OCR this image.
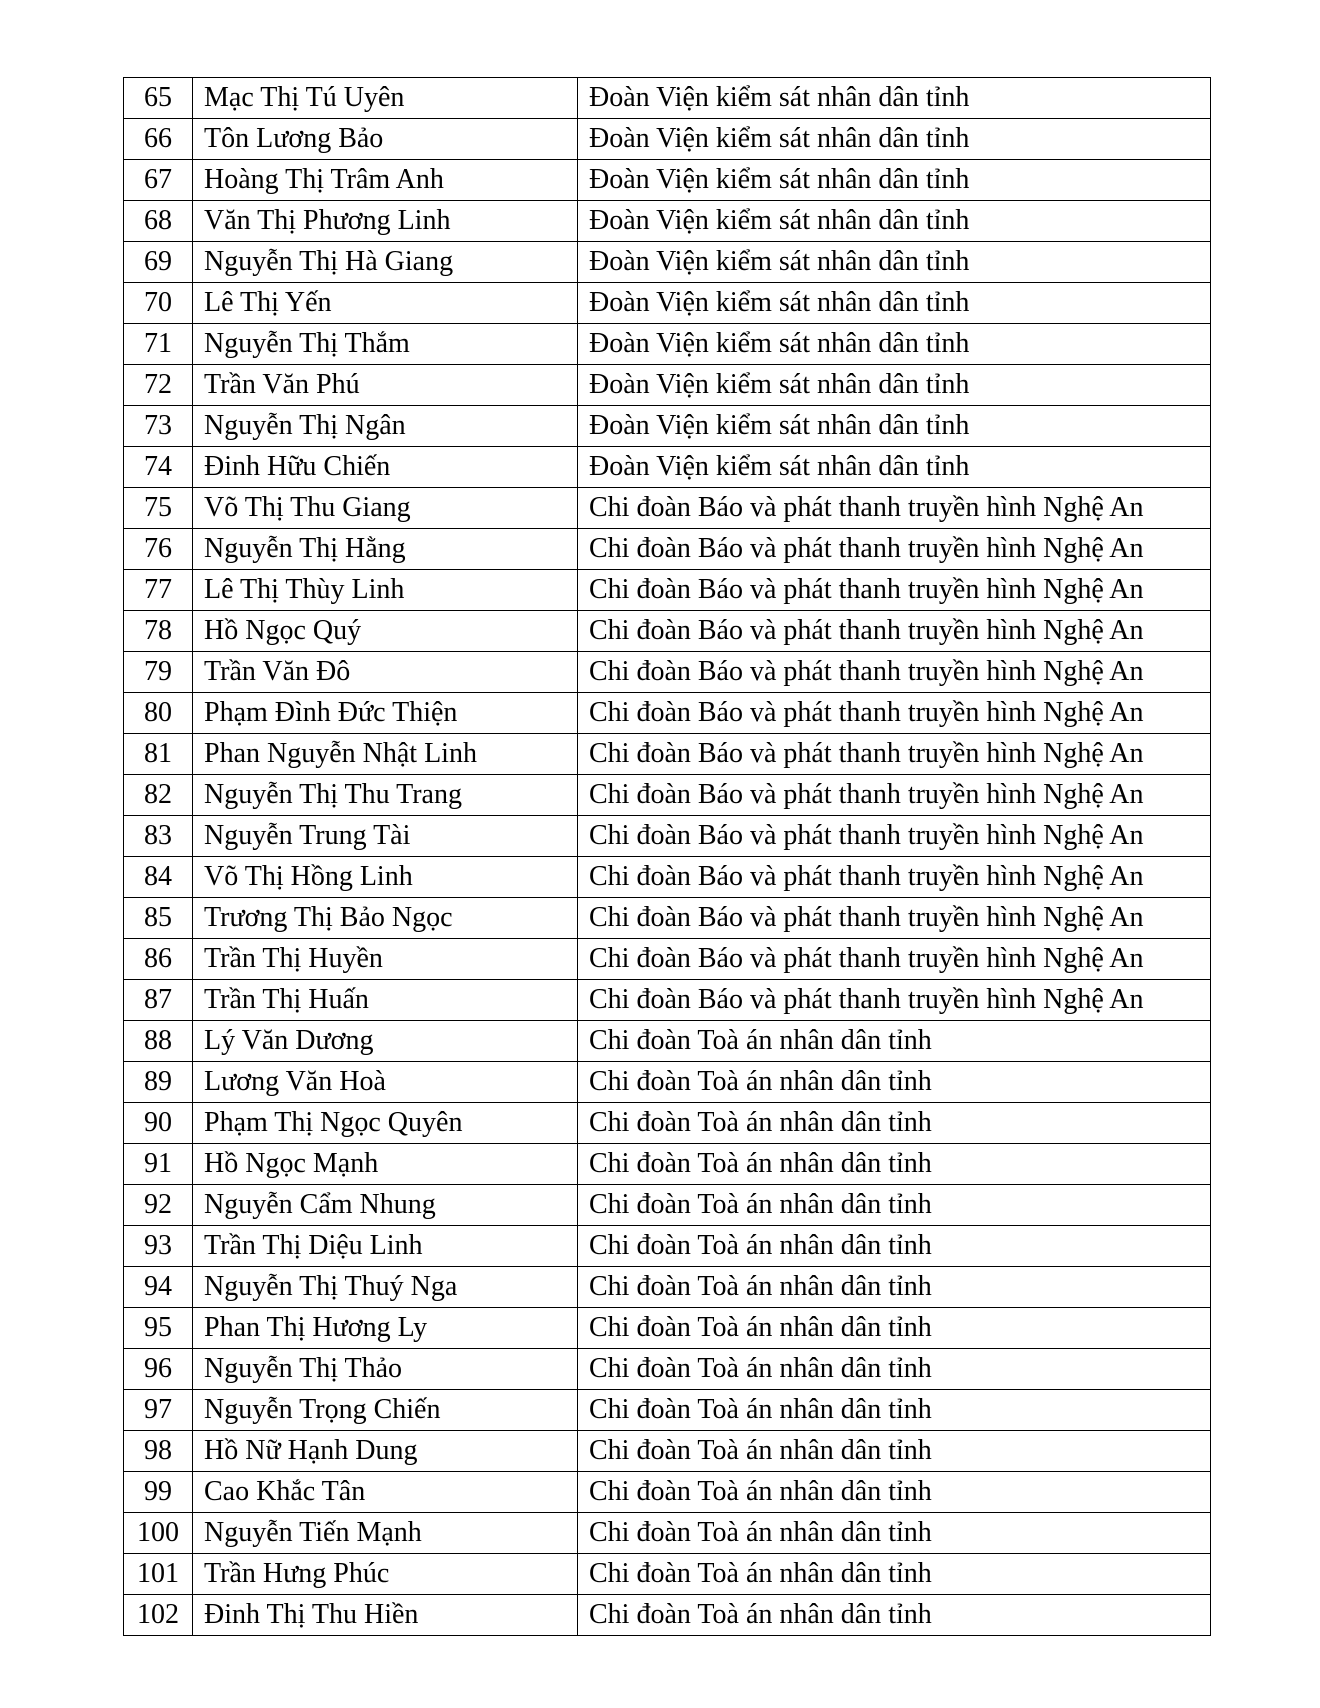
65	Mạc Thị Tú Uyên	Đoàn Viện kiểm sát nhân dân tỉnh
66	Tôn Lương Bảo	Đoàn Viện kiểm sát nhân dân tỉnh
67	Hoàng Thị Trâm Anh	Đoàn Viện kiểm sát nhân dân tỉnh
68	Văn Thị Phương Linh	Đoàn Viện kiểm sát nhân dân tỉnh
69	Nguyễn Thị Hà Giang	Đoàn Viện kiểm sát nhân dân tỉnh
70	Lê Thị Yến	Đoàn Viện kiểm sát nhân dân tỉnh
71	Nguyễn Thị Thắm	Đoàn Viện kiểm sát nhân dân tỉnh
72	Trần Văn Phú	Đoàn Viện kiểm sát nhân dân tỉnh
73	Nguyễn Thị Ngân	Đoàn Viện kiểm sát nhân dân tỉnh
74	Đinh Hữu Chiến	Đoàn Viện kiểm sát nhân dân tỉnh
75	Võ Thị Thu Giang	Chi đoàn Báo và phát thanh truyền hình Nghệ An
76	Nguyễn Thị Hằng	Chi đoàn Báo và phát thanh truyền hình Nghệ An
77	Lê Thị Thùy Linh	Chi đoàn Báo và phát thanh truyền hình Nghệ An
78	Hồ Ngọc Quý	Chi đoàn Báo và phát thanh truyền hình Nghệ An
79	Trần Văn Đô	Chi đoàn Báo và phát thanh truyền hình Nghệ An
80	Phạm Đình Đức Thiện	Chi đoàn Báo và phát thanh truyền hình Nghệ An
81	Phan Nguyễn Nhật Linh	Chi đoàn Báo và phát thanh truyền hình Nghệ An
82	Nguyễn Thị Thu Trang	Chi đoàn Báo và phát thanh truyền hình Nghệ An
83	Nguyễn Trung Tài	Chi đoàn Báo và phát thanh truyền hình Nghệ An
84	Võ Thị Hồng Linh	Chi đoàn Báo và phát thanh truyền hình Nghệ An
85	Trương Thị Bảo Ngọc	Chi đoàn Báo và phát thanh truyền hình Nghệ An
86	Trần Thị Huyền	Chi đoàn Báo và phát thanh truyền hình Nghệ An
87	Trần Thị Huấn	Chi đoàn Báo và phát thanh truyền hình Nghệ An
88	Lý Văn Dương	Chi đoàn Toà án nhân dân tỉnh
89	Lương Văn Hoà	Chi đoàn Toà án nhân dân tỉnh
90	Phạm Thị Ngọc Quyên	Chi đoàn Toà án nhân dân tỉnh
91	Hồ Ngọc Mạnh	Chi đoàn Toà án nhân dân tỉnh
92	Nguyễn Cẩm Nhung	Chi đoàn Toà án nhân dân tỉnh
93	Trần Thị Diệu Linh	Chi đoàn Toà án nhân dân tỉnh
94	Nguyễn Thị Thuý Nga	Chi đoàn Toà án nhân dân tỉnh
95	Phan Thị Hương Ly	Chi đoàn Toà án nhân dân tỉnh
96	Nguyễn Thị Thảo	Chi đoàn Toà án nhân dân tỉnh
97	Nguyễn Trọng Chiến	Chi đoàn Toà án nhân dân tỉnh
98	Hồ Nữ Hạnh Dung	Chi đoàn Toà án nhân dân tỉnh
99	Cao Khắc Tân	Chi đoàn Toà án nhân dân tỉnh
100	Nguyễn Tiến Mạnh	Chi đoàn Toà án nhân dân tỉnh
101	Trần Hưng Phúc	Chi đoàn Toà án nhân dân tỉnh
102	Đinh Thị Thu Hiền	Chi đoàn Toà án nhân dân tỉnh
